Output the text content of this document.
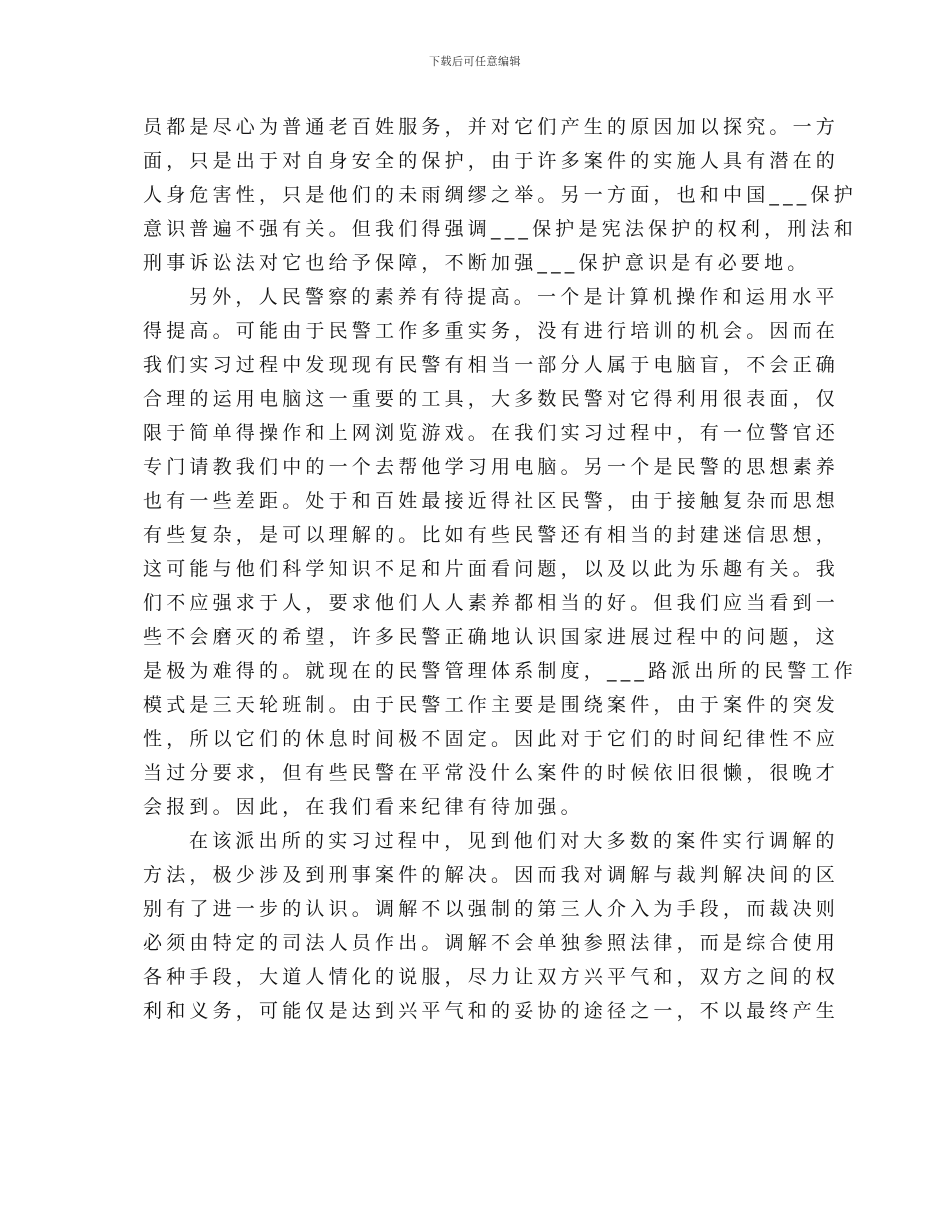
下载后可任意编辑
员都是尽心为普通老百姓服务，并对它们产生的原因加以探究。一方
面，只是出于对自身安全的保护，由于许多案件的实施人具有潜在的
人身危害性，只是他们的未雨绸缪之举。另一方面，也和中国___保护
意识普遍不强有关。但我们得强调___保护是宪法保护的权利，刑法和
刑事诉讼法对它也给予保障，不断加强___保护意识是有必要地。
另外，人民警察的素养有待提高。一个是计算机操作和运用水平
得提高。可能由于民警工作多重实务，没有进行培训的机会。因而在
我们实习过程中发现现有民警有相当一部分人属于电脑盲，不会正确
合理的运用电脑这一重要的工具，大多数民警对它得利用很表面，仅
限于简单得操作和上网浏览游戏。在我们实习过程中，有一位警官还
专门请教我们中的一个去帮他学习用电脑。另一个是民警的思想素养
也有一些差距。处于和百姓最接近得社区民警，由于接触复杂而思想
有些复杂，是可以理解的。比如有些民警还有相当的封建迷信思想，
这可能与他们科学知识不足和片面看问题，以及以此为乐趣有关。我
们不应强求于人，要求他们人人素养都相当的好。但我们应当看到一
些不会磨灭的希望，许多民警正确地认识国家进展过程中的问题，这
是极为难得的。就现在的民警管理体系制度，___路派出所的民警工作
模式是三天轮班制。由于民警工作主要是围绕案件，由于案件的突发
性，所以它们的休息时间极不固定。因此对于它们的时间纪律性不应
当过分要求，但有些民警在平常没什么案件的时候依旧很懒，很晚才
会报到。因此，在我们看来纪律有待加强。
在该派出所的实习过程中，见到他们对大多数的案件实行调解的
方法，极少涉及到刑事案件的解决。因而我对调解与裁判解决间的区
别有了进一步的认识。调解不以强制的第三人介入为手段，而裁决则
必须由特定的司法人员作出。调解不会单独参照法律，而是综合使用
各种手段，大道人情化的说服，尽力让双方兴平气和，双方之间的权
利和义务，可能仅是达到兴平气和的妥协的途径之一，不以最终产生
